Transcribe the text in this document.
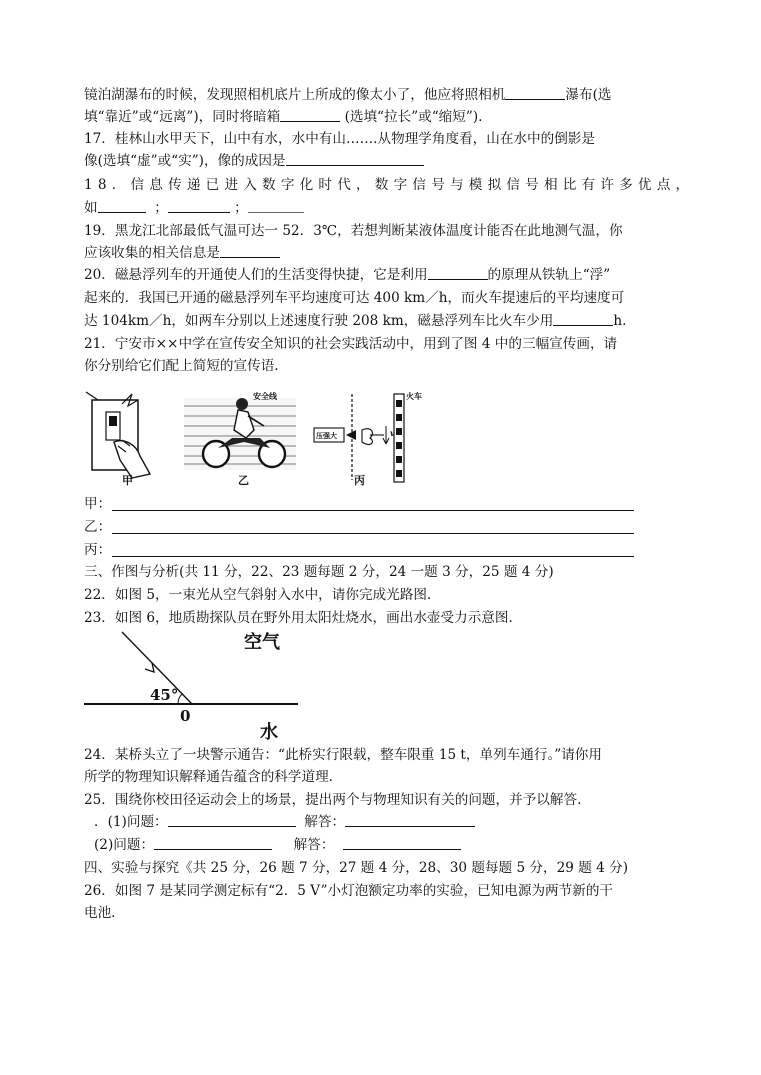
镜泊湖瀑布的时候，发现照相机底片上所成的像太小了，他应将照相机	瀑布(选
填“靠近”或“远离”)，同时将暗箱	(选填“拉长”或“缩短”).
17．桂林山水甲天下，山中有水，水中有山…….从物理学角度看，山在水中的倒影是
像(选填“虚”或“实”)，像的成因是
18．信息传递已进入数字化时代，数字信号与模拟信号相比有许多优点，
如	；	；
19．黑龙江北部最低气温可达一 52．3℃，若想判断某液体温度计能否在此地测气温，你
应该收集的相关信息是
20．磁悬浮列车的开通使人们的生活变得快捷，它是利用	的原理从铁轨上“浮”
起来的．我国已开通的磁悬浮列车平均速度可达 400 km／h，而火车提速后的平均速度可
达 104km／h，如两车分别以上述速度行驶 208 km，磁悬浮列车比火车少用	h.
21．宁安市××中学在宣传安全知识的社会实践活动中，用到了图 4 中的三幅宣传画，请
你分别给它们配上简短的宣传语.
安全线	火车
压强大	v
甲	乙	丙
甲：
乙：
丙：
三、作图与分析(共 11 分，22、23 题每题 2 分，24 一题 3 分，25 题 4 分)
22．如图 5，一束光从空气斜射入水中，请你完成光路图.
23．如图 6，地质勘探队员在野外用太阳灶烧水，画出水壶受力示意图.
空气
45°
0
水
24．某桥头立了一块警示通告：“此桥实行限载，整车限重 15 t，单列车通行。”请你用
所学的物理知识解释通告蕴含的科学道理.
25．围绕你校田径运动会上的场景，提出两个与物理知识有关的问题，并予以解答.
．(1)问题：	解答：
(2)问题：	解答：
四、实验与探究《共 25 分，26 题 7 分，27 题 4 分，28、30 题每题 5 分，29 题 4 分)
26．如图 7 是某同学测定标有“2．5 V”小灯泡额定功率的实验，已知电源为两节新的干
电池.
